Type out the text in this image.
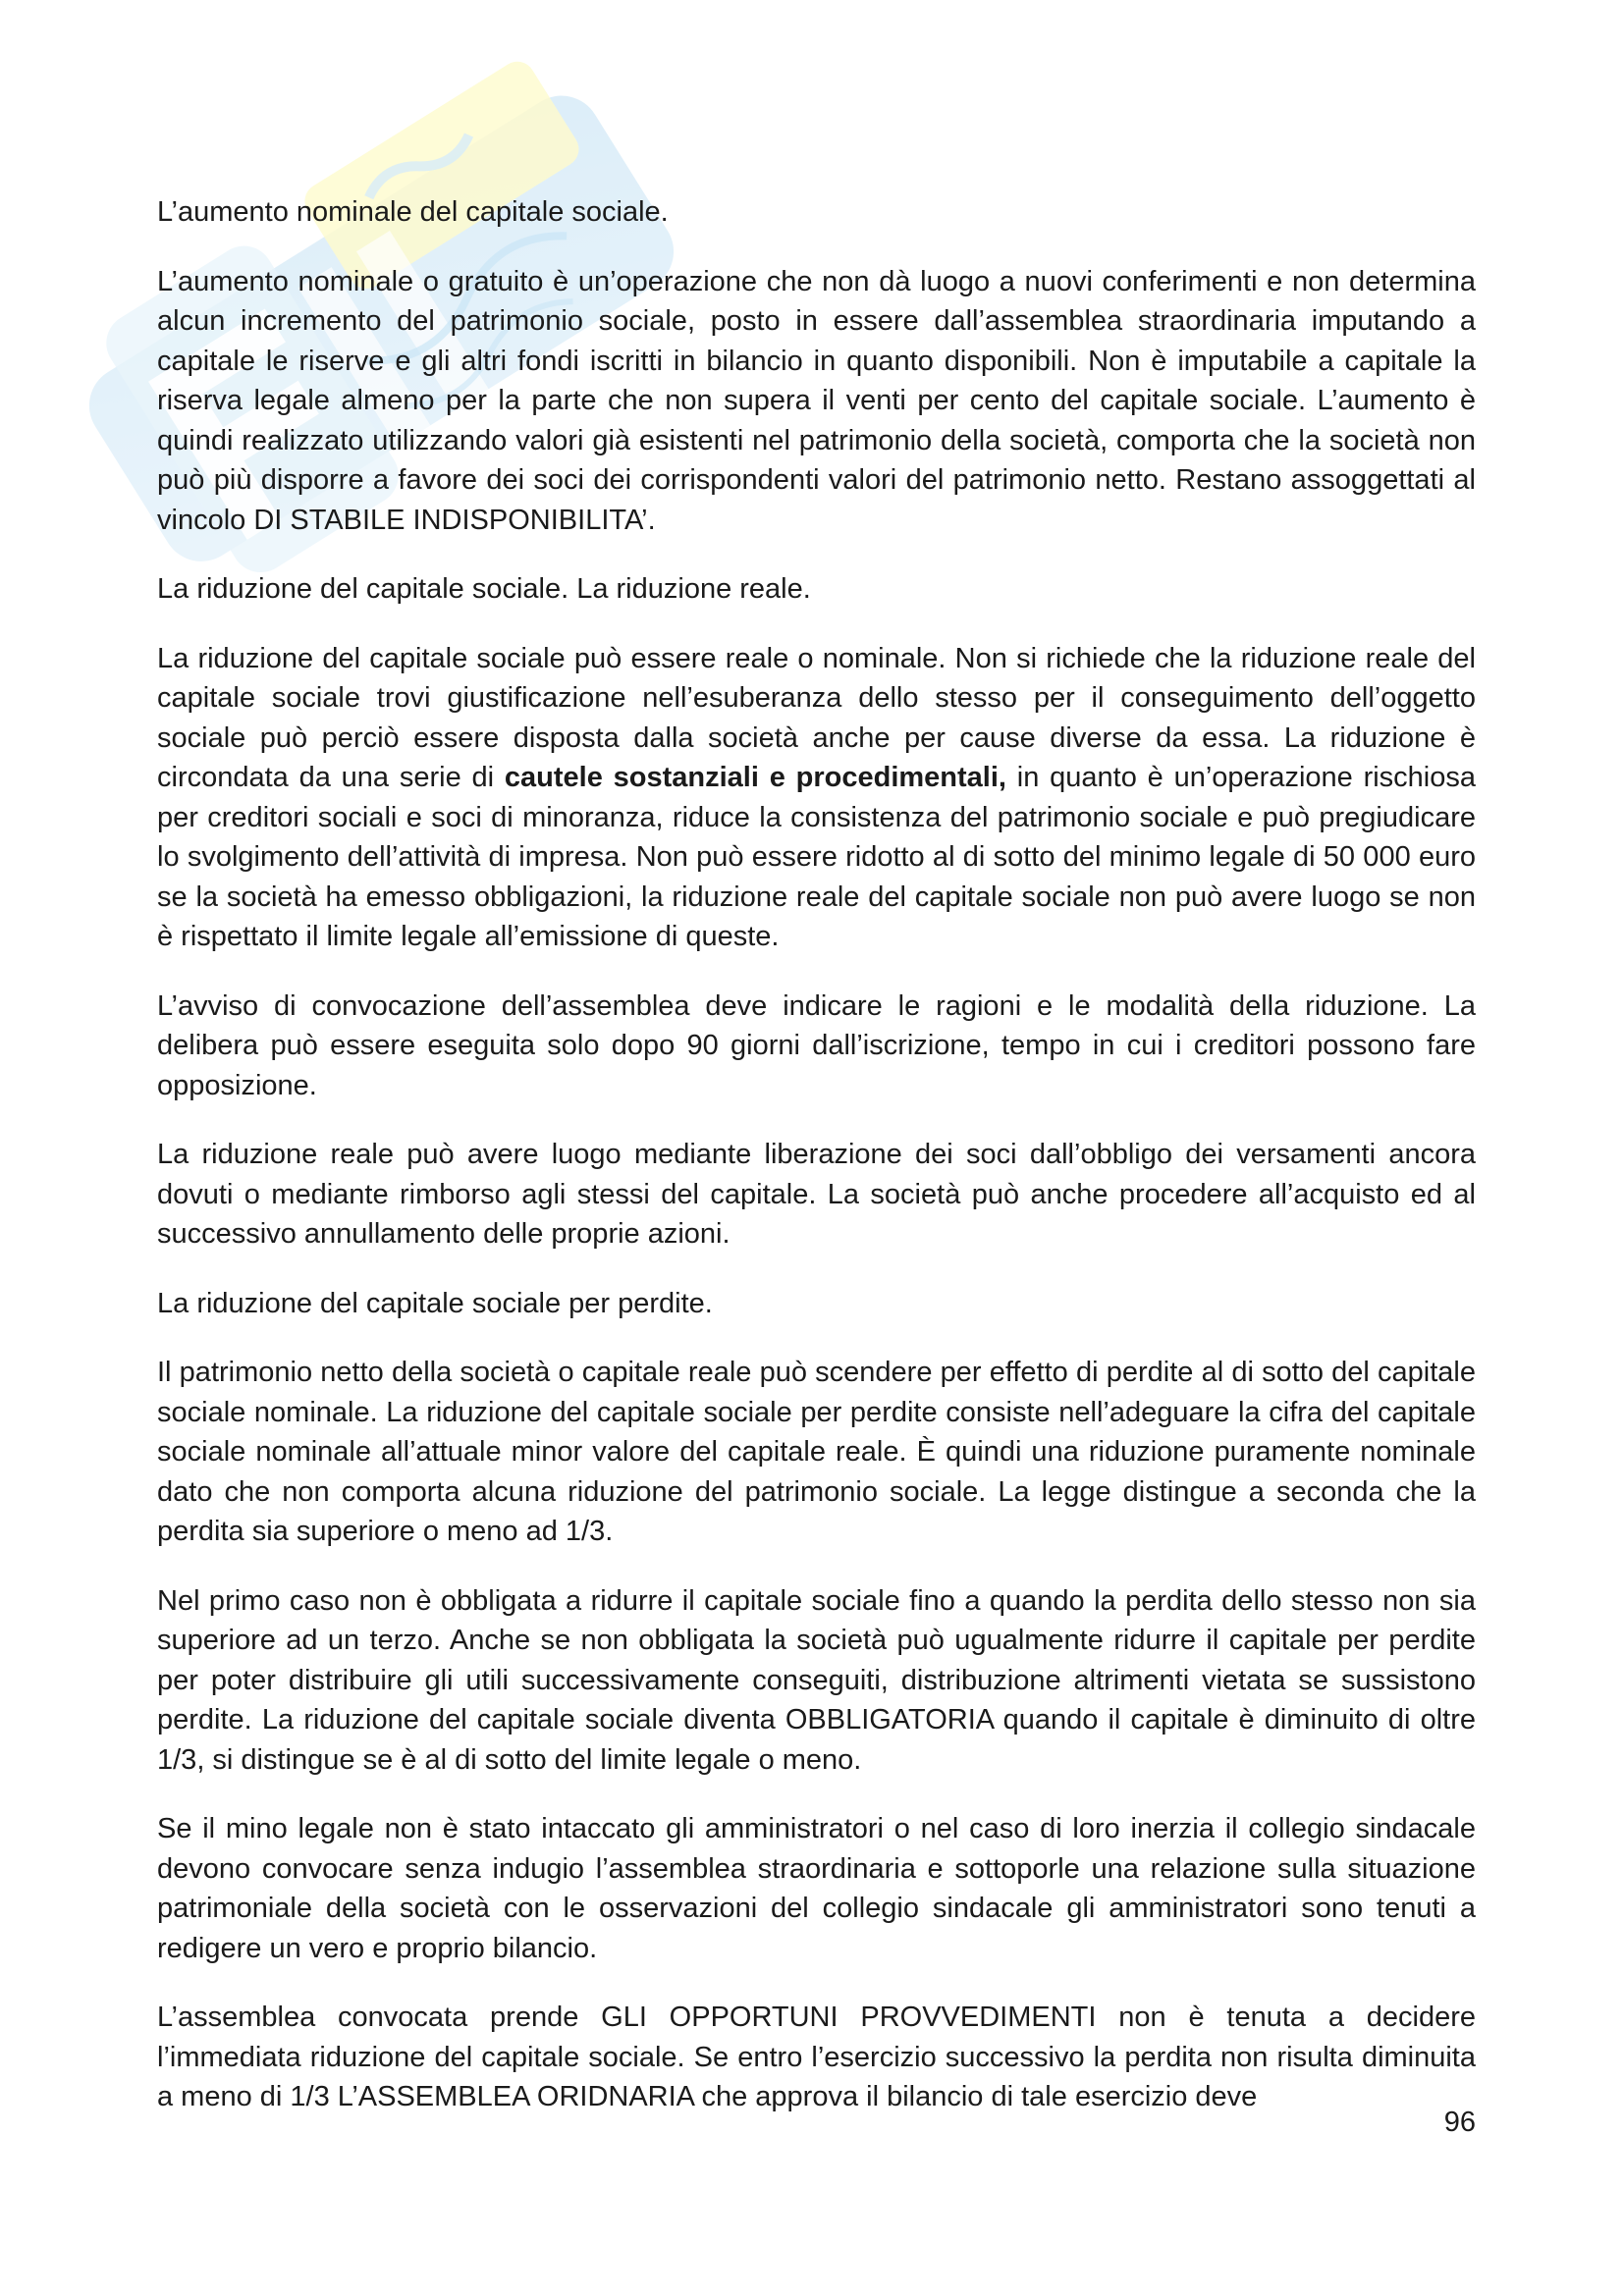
L’aumento nominale del capitale sociale.

L’aumento nominale o gratuito è un’operazione che non dà luogo a nuovi conferimenti e non determina alcun incremento del patrimonio sociale, posto in essere dall’assemblea straordinaria imputando a capitale le riserve e gli altri fondi iscritti in bilancio in quanto disponibili. Non è imputabile a capitale la riserva legale almeno per la parte che non supera il venti per cento del capitale sociale. L’aumento è quindi realizzato utilizzando valori già esistenti nel patrimonio della società, comporta che la società non può più disporre a favore dei soci dei corrispondenti valori del patrimonio netto. Restano assoggettati al vincolo DI STABILE INDISPONIBILITA’.

La riduzione del capitale sociale. La riduzione reale.

La riduzione del capitale sociale può essere reale o nominale. Non si richiede che la riduzione reale del capitale sociale trovi giustificazione nell’esuberanza dello stesso per il conseguimento dell’oggetto sociale può perciò essere disposta dalla società anche per cause diverse da essa. La riduzione è circondata da una serie di cautele sostanziali e procedimentali, in quanto è un’operazione rischiosa per creditori sociali e soci di minoranza, riduce la consistenza del patrimonio sociale e può pregiudicare lo svolgimento dell’attività di impresa. Non può essere ridotto al di sotto del minimo legale di 50 000 euro se la società ha emesso obbligazioni, la riduzione reale del capitale sociale non può avere luogo se non è rispettato il limite legale all’emissione di queste.

L’avviso di convocazione dell’assemblea deve indicare le ragioni e le modalità della riduzione. La delibera può essere eseguita solo dopo 90 giorni dall’iscrizione, tempo in cui i creditori possono fare opposizione.

La riduzione reale può avere luogo mediante liberazione dei soci dall’obbligo dei versamenti ancora dovuti o mediante rimborso agli stessi del capitale. La società può anche procedere all’acquisto ed al successivo annullamento delle proprie azioni.

La riduzione del capitale sociale per perdite.

Il patrimonio netto della società o capitale reale può scendere per effetto di perdite al di sotto del capitale sociale nominale. La riduzione del capitale sociale per perdite consiste nell’adeguare la cifra del capitale sociale nominale all’attuale minor valore del capitale reale. È quindi una riduzione puramente nominale dato che non comporta alcuna riduzione del patrimonio sociale. La legge distingue a seconda che la perdita sia superiore o meno ad 1/3.

Nel primo caso non è obbligata a ridurre il capitale sociale fino a quando la perdita dello stesso non sia superiore ad un terzo. Anche se non obbligata la società può ugualmente ridurre il capitale per perdite per poter distribuire gli utili successivamente conseguiti, distribuzione altrimenti vietata se sussistono perdite. La riduzione del capitale sociale diventa OBBLIGATORIA quando il capitale è diminuito di oltre 1/3, si distingue se è al di sotto del limite legale o meno.

Se il mino legale non è stato intaccato gli amministratori o nel caso di loro inerzia il collegio sindacale devono convocare senza indugio l’assemblea straordinaria e sottoporle una relazione sulla situazione patrimoniale della società con le osservazioni del collegio sindacale gli amministratori sono tenuti a redigere un vero e proprio bilancio.

L’assemblea convocata prende GLI OPPORTUNI PROVVEDIMENTI non è tenuta a decidere l’immediata riduzione del capitale sociale. Se entro l’esercizio successivo la perdita non risulta diminuita a meno di 1/3 L’ASSEMBLEA ORIDNARIA che approva il bilancio di tale esercizio deve

96
